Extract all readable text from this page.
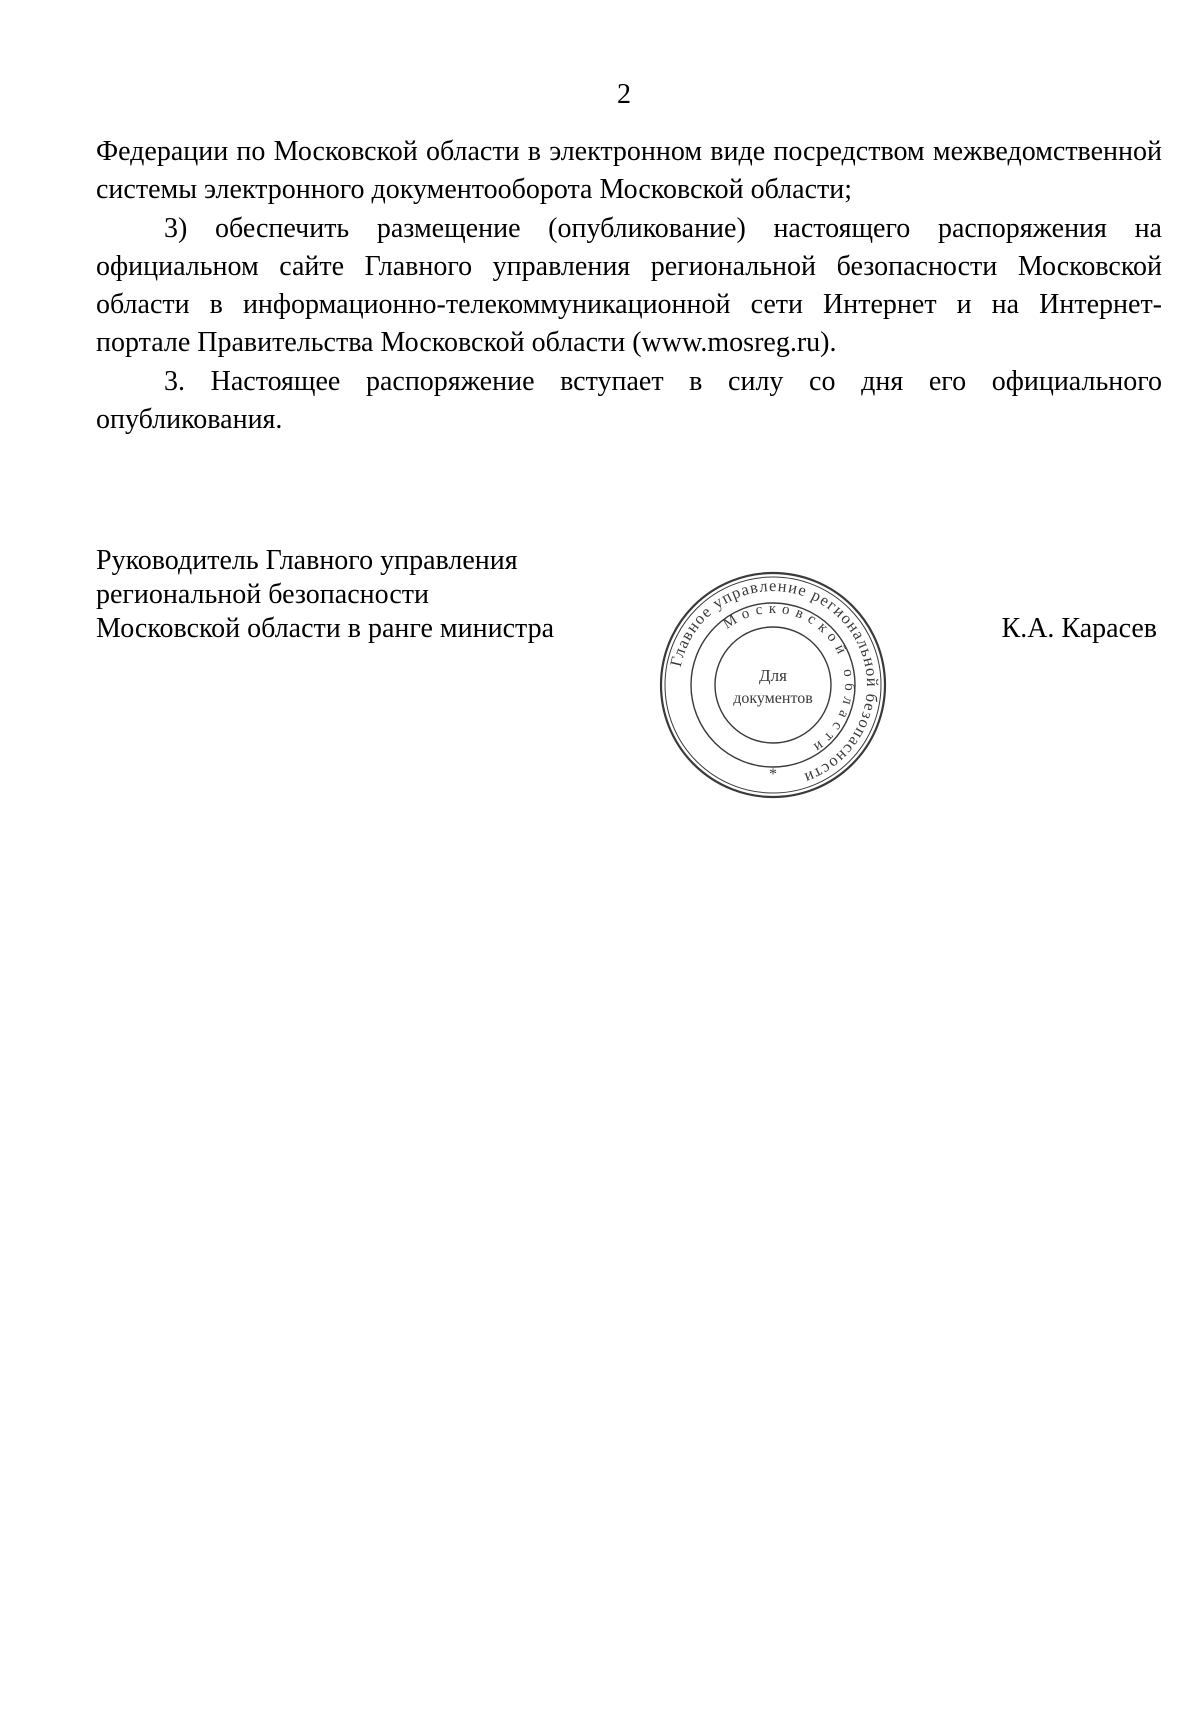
2

Федерации по Московской области в электронном виде посредством межведомственной системы электронного документооборота Московской области;

3) обеспечить размещение (опубликование) настоящего распоряжения на официальном сайте Главного управления региональной безопасности Московской области в информационно-телекоммуникационной сети Интернет и на Интернет-портале Правительства Московской области (www.mosreg.ru).

3. Настоящее распоряжение вступает в силу со дня его официального опубликования.

Руководитель Главного управления
региональной безопасности
Московской области в ранге министра
Главное управление региональной безопасности
Московской области
Для
документов
*
К.А. Карасев
